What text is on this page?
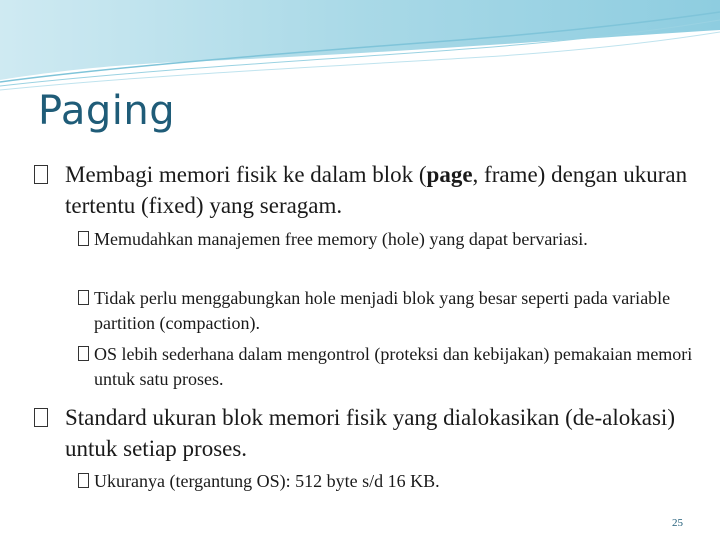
Paging
Membagi memori fisik ke dalam blok (page, frame) dengan ukuran tertentu (fixed) yang seragam.
Memudahkan manajemen free memory (hole) yang dapat bervariasi.
Tidak perlu menggabungkan hole menjadi blok yang besar seperti pada variable partition (compaction).
OS lebih sederhana dalam mengontrol (proteksi dan kebijakan) pemakaian memori untuk satu proses.
Standard ukuran blok memori fisik yang dialokasikan (de-alokasi) untuk setiap proses.
Ukuranya (tergantung OS): 512 byte s/d 16 KB.
25
